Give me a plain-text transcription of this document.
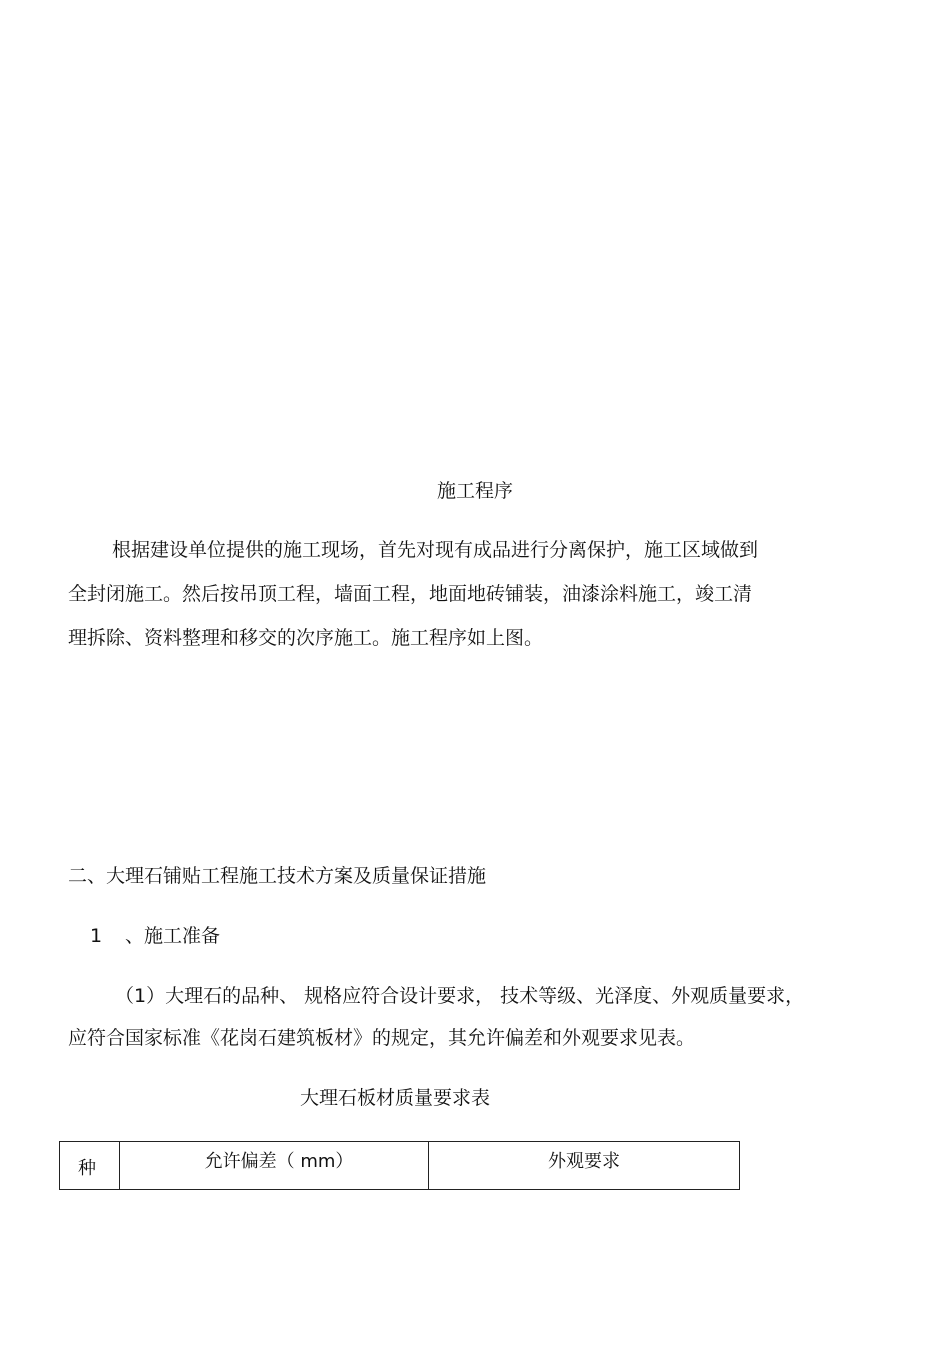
施工程序
根据建设单位提供的施工现场，首先对现有成品进行分离保护，施工区域做到
全封闭施工。然后按吊顶工程，墙面工程，地面地砖铺装，油漆涂料施工，竣工清
理拆除、资料整理和移交的次序施工。施工程序如上图。
二、大理石铺贴工程施工技术方案及质量保证措施
1 、施工准备
（1）大理石的品种、 规格应符合设计要求， 技术等级、光泽度、外观质量要求，
应符合国家标准《花岗石建筑板材》的规定，其允许偏差和外观要求见表。
大理石板材质量要求表
种	允许偏差（ mm）	外观要求
